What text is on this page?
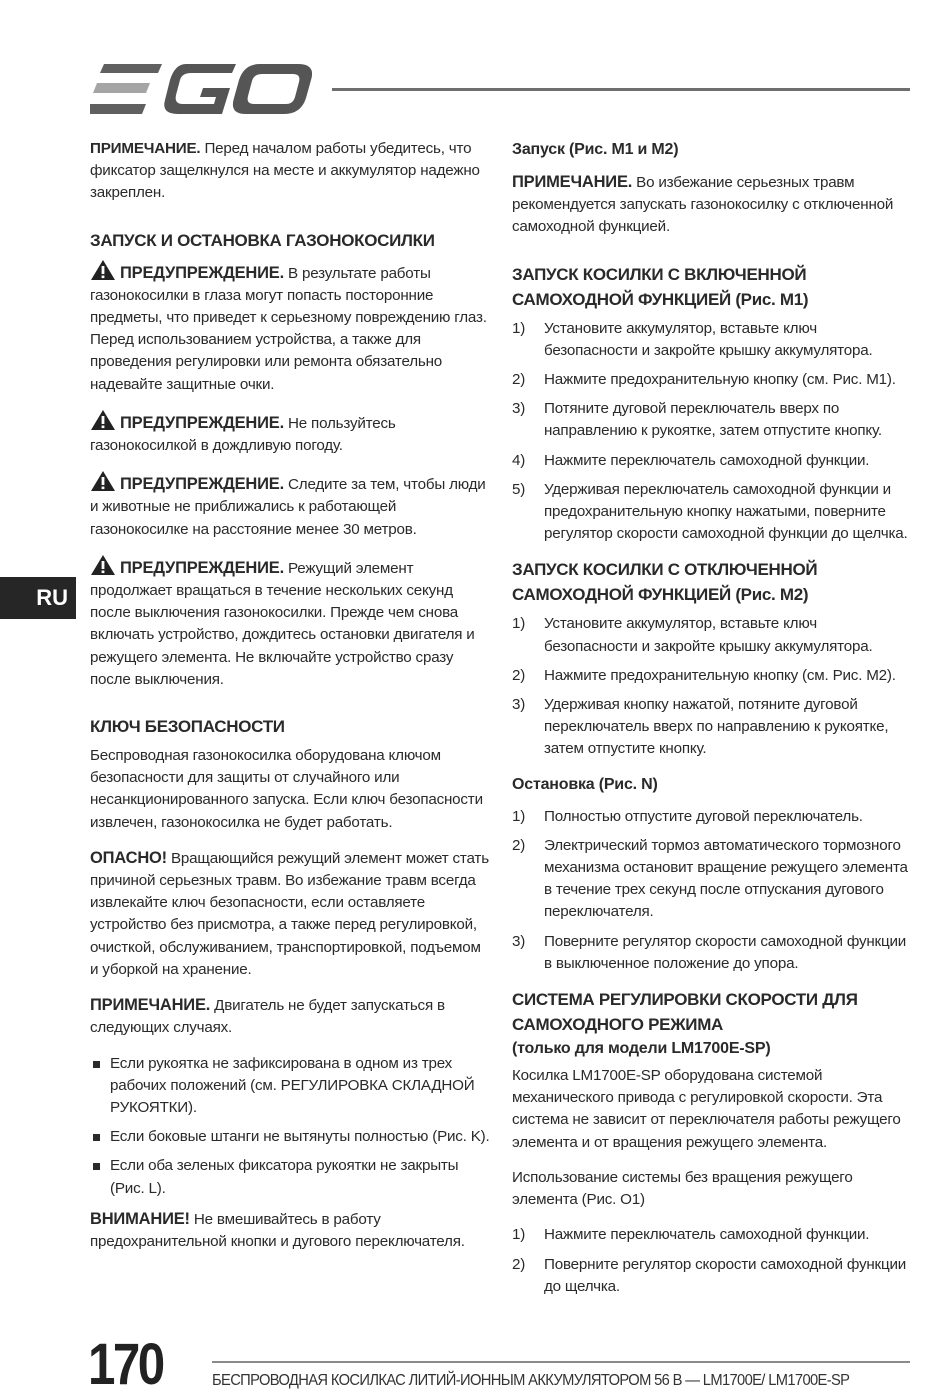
RU

ПРИМЕЧАНИЕ. Перед началом работы убедитесь, что фиксатор защелкнулся на месте и аккумулятор надежно закреплен.

ЗАПУСК И ОСТАНОВКА ГАЗОНОКОСИЛКИ

ПРЕДУПРЕЖДЕНИЕ. В результате работы газонокосилки в глаза могут попасть посторонние предметы, что приведет к серьезному повреждению глаз. Перед использованием устройства, а также для проведения регулировки или ремонта обязательно надевайте защитные очки.

ПРЕДУПРЕЖДЕНИЕ. Не пользуйтесь газонокосилкой в дождливую погоду.

ПРЕДУПРЕЖДЕНИЕ. Следите за тем, чтобы люди и животные не приближались к работающей газонокосилке на расстояние менее 30 метров.

ПРЕДУПРЕЖДЕНИЕ. Режущий элемент продолжает вращаться в течение нескольких секунд после выключения газонокосилки. Прежде чем снова включать устройство, дождитесь остановки двигателя и режущего элемента. Не включайте устройство сразу после выключения.

КЛЮЧ БЕЗОПАСНОСТИ

Беспроводная газонокосилка оборудована ключом безопасности для защиты от случайного или несанкционированного запуска. Если ключ безопасности извлечен, газонокосилка не будет работать.

ОПАСНО! Вращающийся режущий элемент может стать причиной серьезных травм. Во избежание травм всегда извлекайте ключ безопасности, если оставляете устройство без присмотра, а также перед регулировкой, очисткой, обслуживанием, транспортировкой, подъемом и уборкой на хранение.

ПРИМЕЧАНИЕ. Двигатель не будет запускаться в следующих случаях.

Если рукоятка не зафиксирована в одном из трех рабочих положений (см. РЕГУЛИРОВКА СКЛАДНОЙ РУКОЯТКИ).
Если боковые штанги не вытянуты полностью (Рис. K).
Если оба зеленых фиксатора рукоятки не закрыты (Рис. L).

ВНИМАНИЕ! Не вмешивайтесь в работу предохранительной кнопки и дугового переключателя.

Запуск (Рис. M1 и M2)

ПРИМЕЧАНИЕ. Во избежание серьезных травм рекомендуется запускать газонокосилку с отключенной самоходной функцией.

ЗАПУСК КОСИЛКИ С ВКЛЮЧЕННОЙ САМОХОДНОЙ ФУНКЦИЕЙ (Рис. M1)
1) Установите аккумулятор, вставьте ключ безопасности и закройте крышку аккумулятора.
2) Нажмите предохранительную кнопку (см. Рис. M1).
3) Потяните дуговой переключатель вверх по направлению к рукоятке, затем отпустите кнопку.
4) Нажмите переключатель самоходной функции.
5) Удерживая переключатель самоходной функции и предохранительную кнопку нажатыми, поверните регулятор скорости самоходной функции до щелчка.
ЗАПУСК КОСИЛКИ С ОТКЛЮЧЕННОЙ САМОХОДНОЙ ФУНКЦИЕЙ (Рис. M2)
1) Установите аккумулятор, вставьте ключ безопасности и закройте крышку аккумулятора.
2) Нажмите предохранительную кнопку (см. Рис. M2).
3) Удерживая кнопку нажатой, потяните дуговой переключатель вверх по направлению к рукоятке, затем отпустите кнопку.
Остановка (Рис. N)
1) Полностью отпустите дуговой переключатель.
2) Электрический тормоз автоматического тормозного механизма остановит вращение режущего элемента в течение трех секунд после отпускания дугового переключателя.
3) Поверните регулятор скорости самоходной функции в выключенное положение до упора.
СИСТЕМА РЕГУЛИРОВКИ СКОРОСТИ ДЛЯ САМОХОДНОГО РЕЖИМА
(только для модели LM1700E-SP)

Косилка LM1700E-SP оборудована системой механического привода с регулировкой скорости. Эта система не зависит от переключателя работы режущего элемента и от вращения режущего элемента.

Использование системы без вращения режущего элемента (Рис. O1)

1) Нажмите переключатель самоходной функции.
2) Поверните регулятор скорости самоходной функции до щелчка.
170	БЕСПРОВОДНАЯ КОСИЛКАС ЛИТИЙ-ИОННЫМ АККУМУЛЯТОРОМ 56 В — LM1700E/ LM1700E-SP
